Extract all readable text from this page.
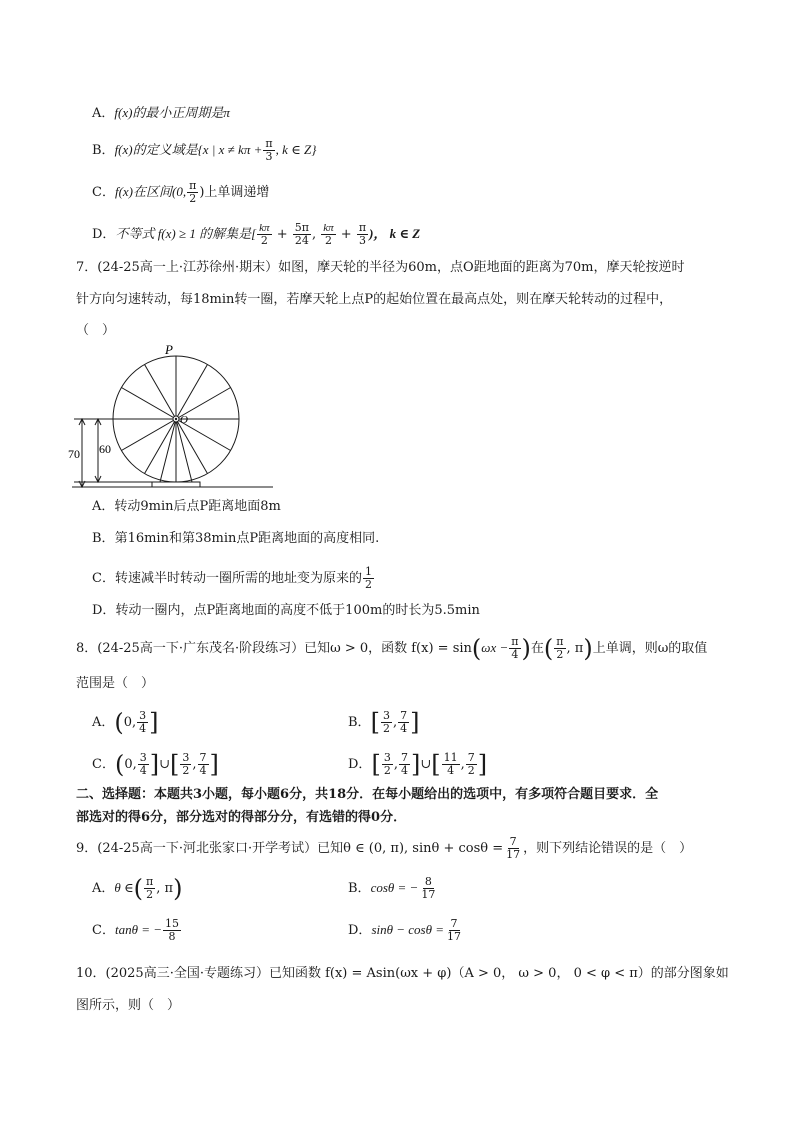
A．f(x)的最小正周期是π
B．f(x)的定义域是{x | $x \ne k\pi + \frac{\pi}{3}$ , k ∈ Z}
C．f(x)在区间(0, $\frac{\pi}{2}$ )上单调递增
D．不等式 f(x) ≥ 1 的解集是[ $\frac{k\pi}{2} + \frac{5\pi}{24}$ , $\frac{k\pi}{2} + \frac{\pi}{3}$ )， k ∈ Z
7．(24-25高一上·江苏徐州·期末）如图，摩天轮的半径为60m，点O距地面的距离为70m，摩天轮按逆时
针方向匀速转动，每18min转一圈，若摩天轮上点P的起始位置在最高点处，则在摩天轮转动的过程中，
（　）
P
O
70 60
A．转动9min后点P距离地面8m
B．第16min和第38min点P距离地面的高度相同.
C．转速减半时转动一圈所需的地址变为原来的 $\frac{1}{2}$
D．转动一圈内，点P距离地面的高度不低于100m的时长为5.5min
8．(24-25高一下·广东茂名·阶段练习）已知ω > 0，函数 $f(x) = \sin(\omega x - \frac{\pi}{4}$ )在( $\frac{\pi}{2}$ , π)上单调，则ω的取值
范围是（　）
A．(0, $\frac{3}{4}$ ]	B．[ $\frac{3}{2}$ , $\frac{7}{4}$ ]
C．(0, $\frac{3}{4}$ ]∪[ $\frac{3}{2}$ , $\frac{7}{4}$ ]	D．[ $\frac{3}{2}$ , $\frac{7}{4}$ ]∪[ $\frac{11}{4}$ , $\frac{7}{2}$ ]
二、选择题：本题共3小题，每小题6分，共18分．在每小题给出的选项中，有多项符合题目要求．全
部选对的得6分，部分选对的得部分分，有选错的得0分．
9．(24-25高一下·河北张家口·开学考试）已知θ ∈ (0, π), $\sin\theta + \cos\theta = \frac{7}{17}$ ，则下列结论错误的是（　）
A．θ ∈( $\frac{\pi}{2}$ , π)	B．cosθ = − $\frac{8}{17}$
C．tanθ = − $\frac{15}{8}$	D．$\sin\theta - \cos\theta = \frac{7}{17}$
10．(2025高三·全国·专题练习）已知函数 f(x) = Asin(ωx + φ)（A > 0， ω > 0， 0 < φ < π）的部分图象如
图所示，则（　）
